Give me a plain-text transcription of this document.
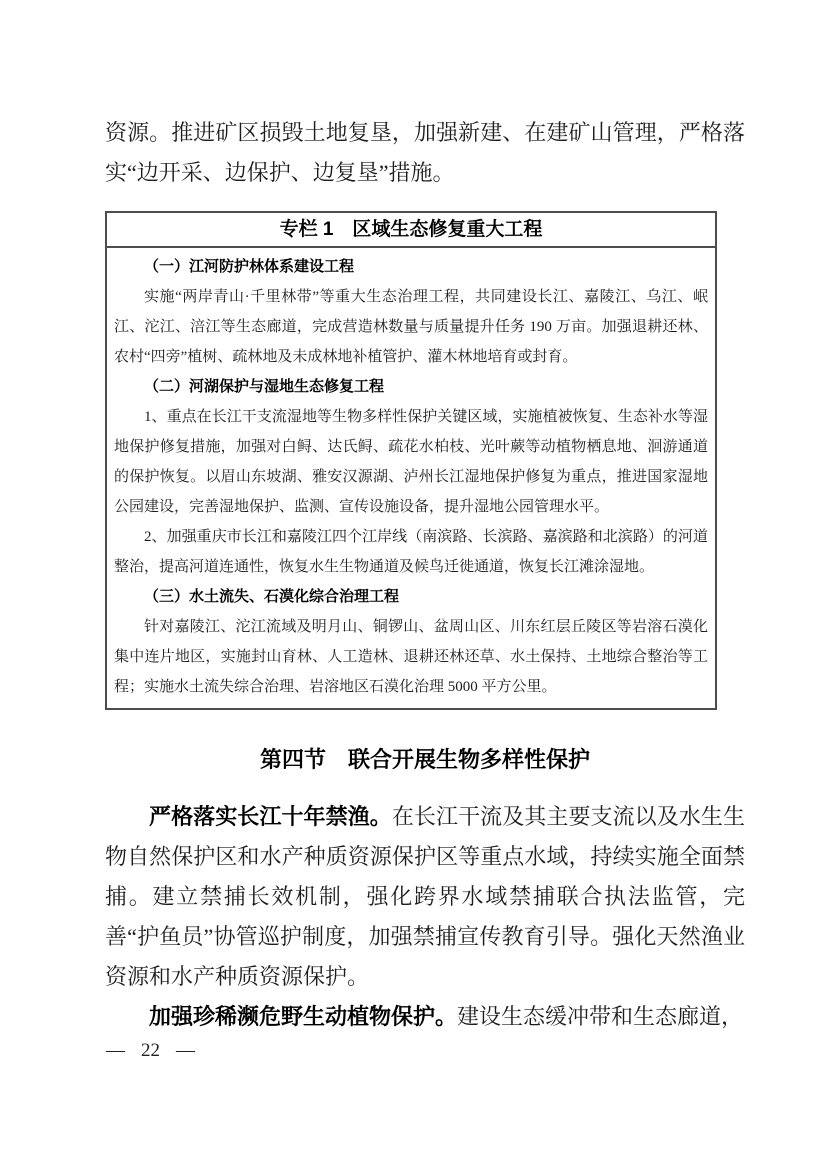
资源。推进矿区损毁土地复垦，加强新建、在建矿山管理，严格落实“边开采、边保护、边复垦”措施。

专栏 1　区域生态修复重大工程

（一）江河防护林体系建设工程

实施“两岸青山·千里林带”等重大生态治理工程，共同建设长江、嘉陵江、乌江、岷江、沱江、涪江等生态廊道，完成营造林数量与质量提升任务 190 万亩。加强退耕还林、农村“四旁”植树、疏林地及未成林地补植管护、灌木林地培育或封育。

（二）河湖保护与湿地生态修复工程

1、重点在长江干支流湿地等生物多样性保护关键区域，实施植被恢复、生态补水等湿地保护修复措施，加强对白鲟、达氏鲟、疏花水柏枝、光叶蕨等动植物栖息地、洄游通道的保护恢复。以眉山东坡湖、雅安汉源湖、泸州长江湿地保护修复为重点，推进国家湿地公园建设，完善湿地保护、监测、宣传设施设备，提升湿地公园管理水平。

2、加强重庆市长江和嘉陵江四个江岸线（南滨路、长滨路、嘉滨路和北滨路）的河道整治，提高河道连通性，恢复水生生物通道及候鸟迁徙通道，恢复长江滩涂湿地。

（三）水土流失、石漠化综合治理工程

针对嘉陵江、沱江流域及明月山、铜锣山、盆周山区、川东红层丘陵区等岩溶石漠化集中连片地区，实施封山育林、人工造林、退耕还林还草、水土保持、土地综合整治等工程；实施水土流失综合治理、岩溶地区石漠化治理 5000 平方公里。

第四节　联合开展生物多样性保护

严格落实长江十年禁渔。在长江干流及其主要支流以及水生生物自然保护区和水产种质资源保护区等重点水域，持续实施全面禁捕。建立禁捕长效机制，强化跨界水域禁捕联合执法监管，完善“护鱼员”协管巡护制度，加强禁捕宣传教育引导。强化天然渔业资源和水产种质资源保护。

加强珍稀濒危野生动植物保护。建设生态缓冲带和生态廊道，

— 22 —
